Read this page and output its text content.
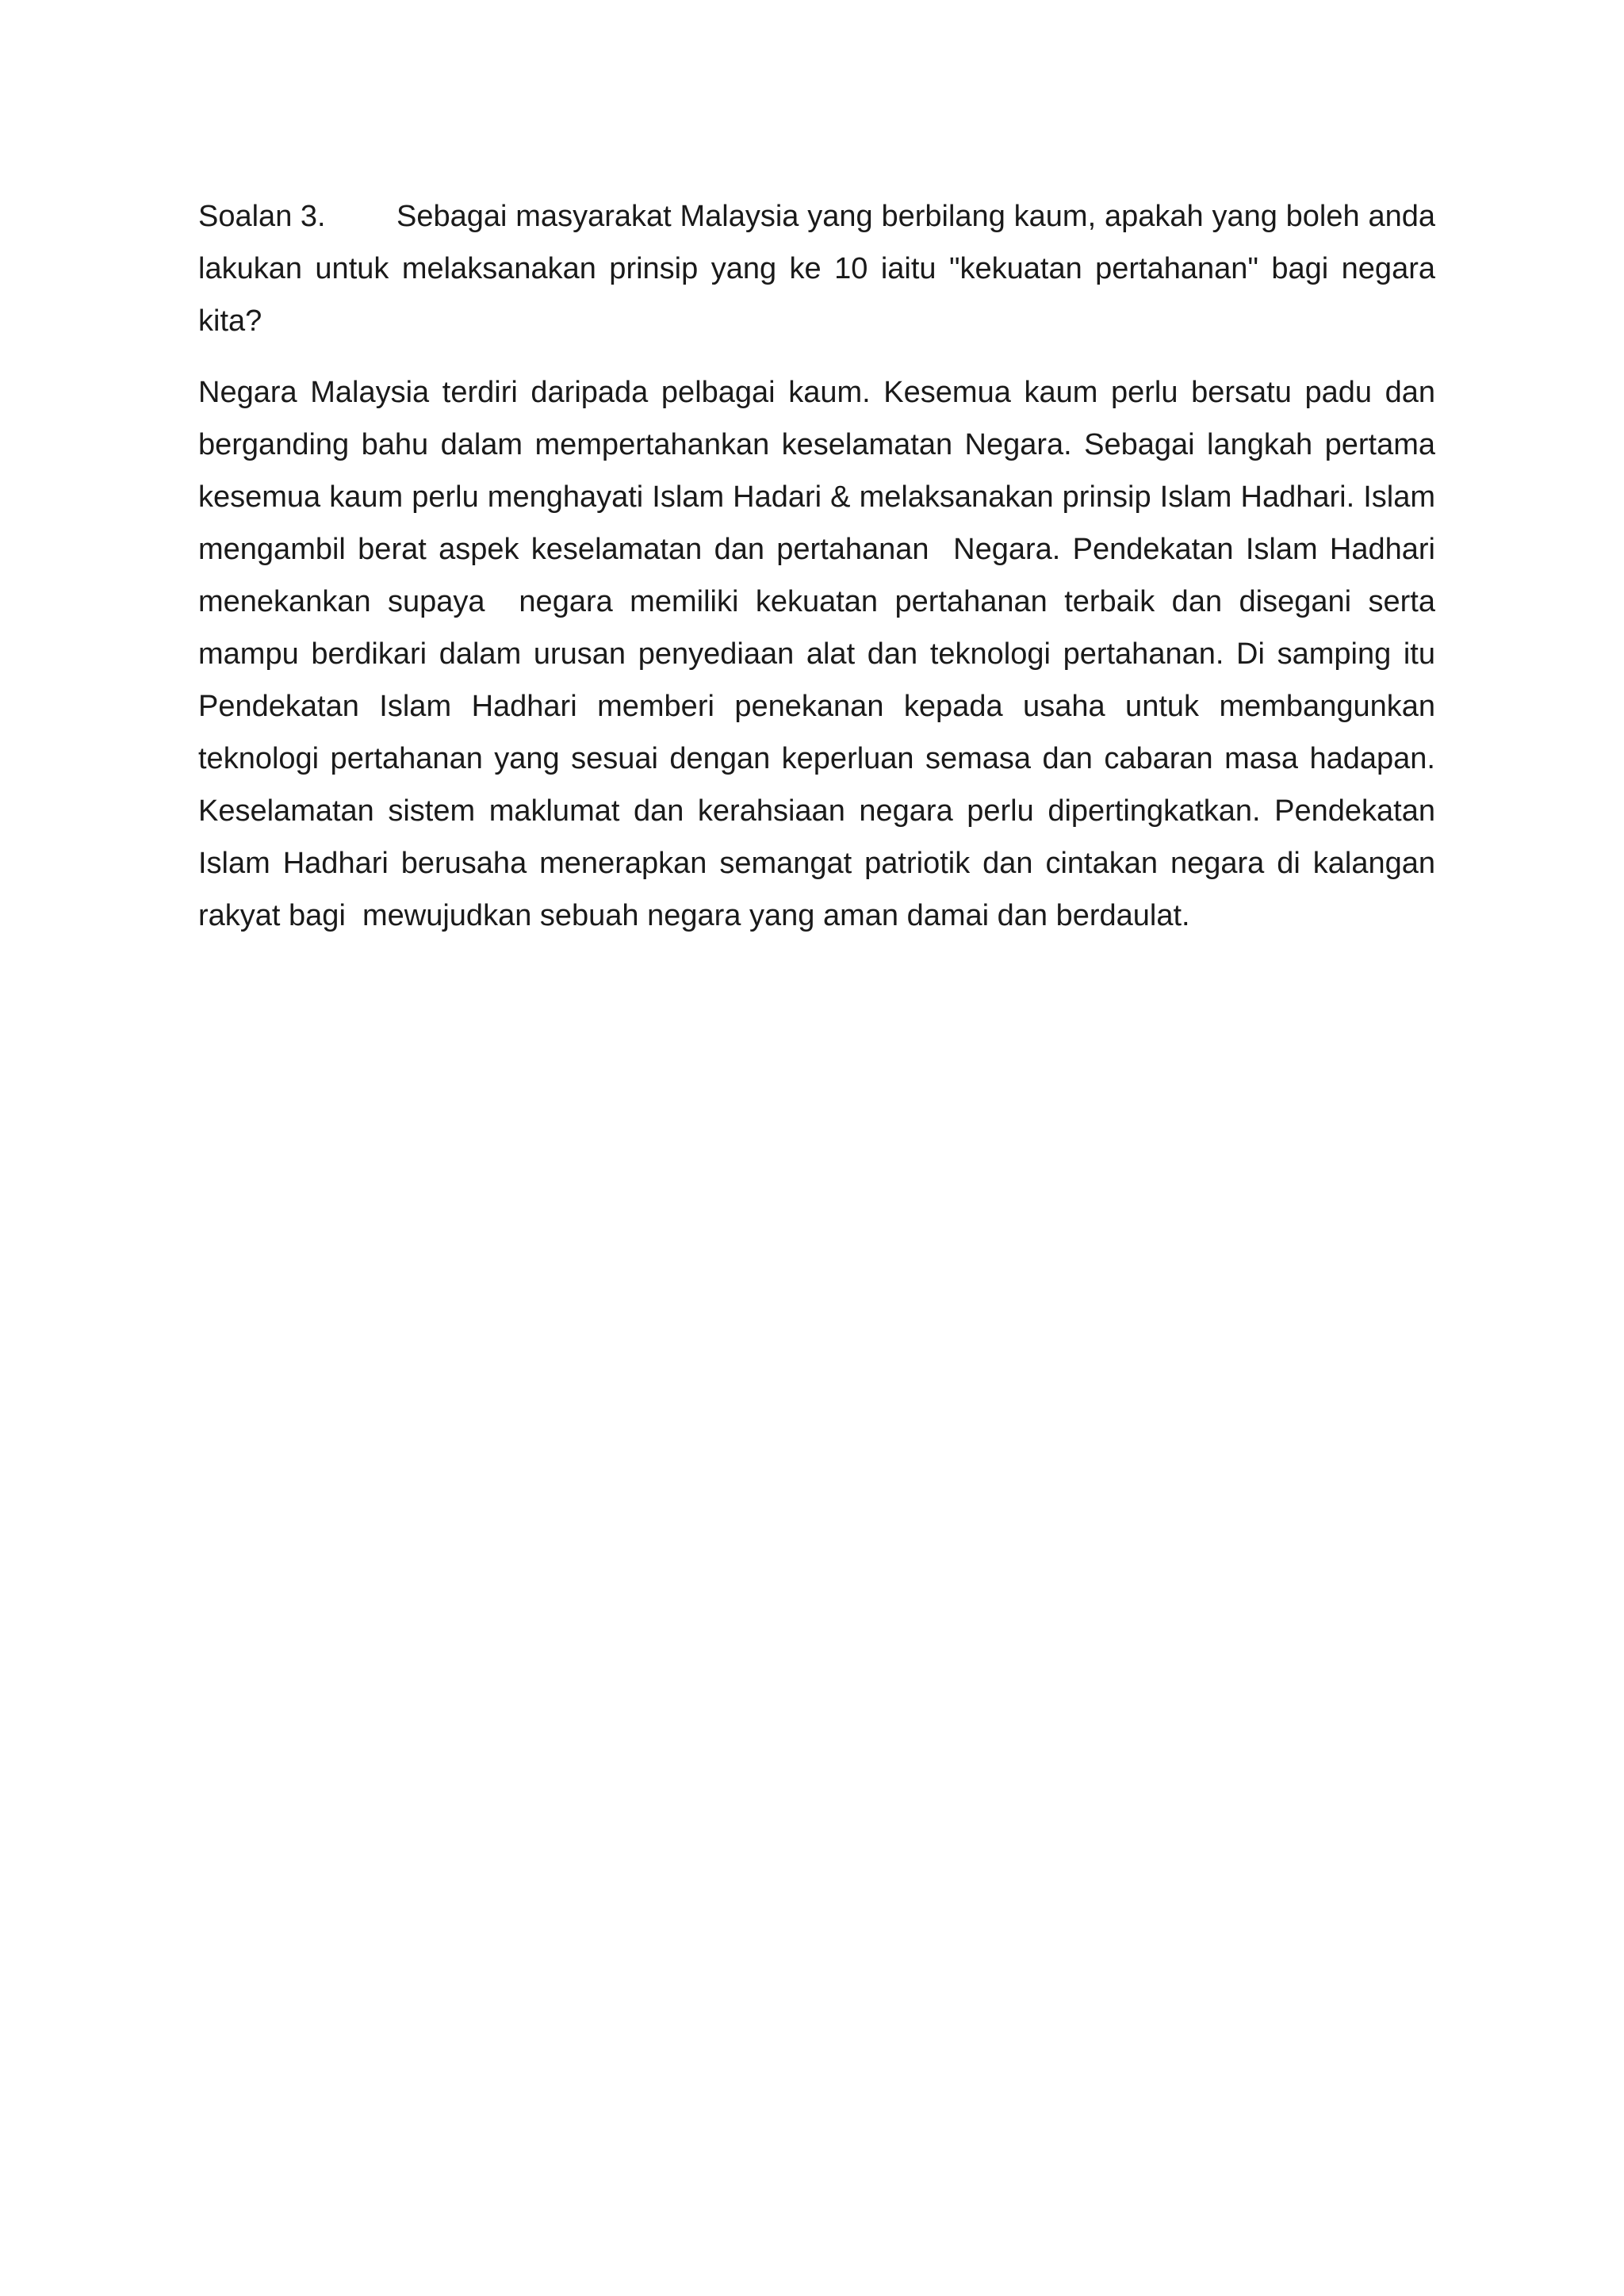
Soalan 3. Sebagai masyarakat Malaysia yang berbilang kaum, apakah yang boleh anda lakukan untuk melaksanakan prinsip yang ke 10 iaitu "kekuatan pertahanan" bagi negara kita?

Negara Malaysia terdiri daripada pelbagai kaum. Kesemua kaum perlu bersatu padu dan berganding bahu dalam mempertahankan keselamatan Negara. Sebagai langkah pertama kesemua kaum perlu menghayati Islam Hadari & melaksanakan prinsip Islam Hadhari. Islam mengambil berat aspek keselamatan dan pertahanan  Negara. Pendekatan Islam Hadhari menekankan supaya  negara memiliki kekuatan pertahanan terbaik dan disegani serta mampu berdikari dalam urusan penyediaan alat dan teknologi pertahanan. Di samping itu Pendekatan Islam Hadhari memberi penekanan kepada usaha untuk membangunkan teknologi pertahanan yang sesuai dengan keperluan semasa dan cabaran masa hadapan. Keselamatan sistem maklumat dan kerahsiaan negara perlu dipertingkatkan. Pendekatan Islam Hadhari berusaha menerapkan semangat patriotik dan cintakan negara di kalangan rakyat bagi  mewujudkan sebuah negara yang aman damai dan berdaulat.
